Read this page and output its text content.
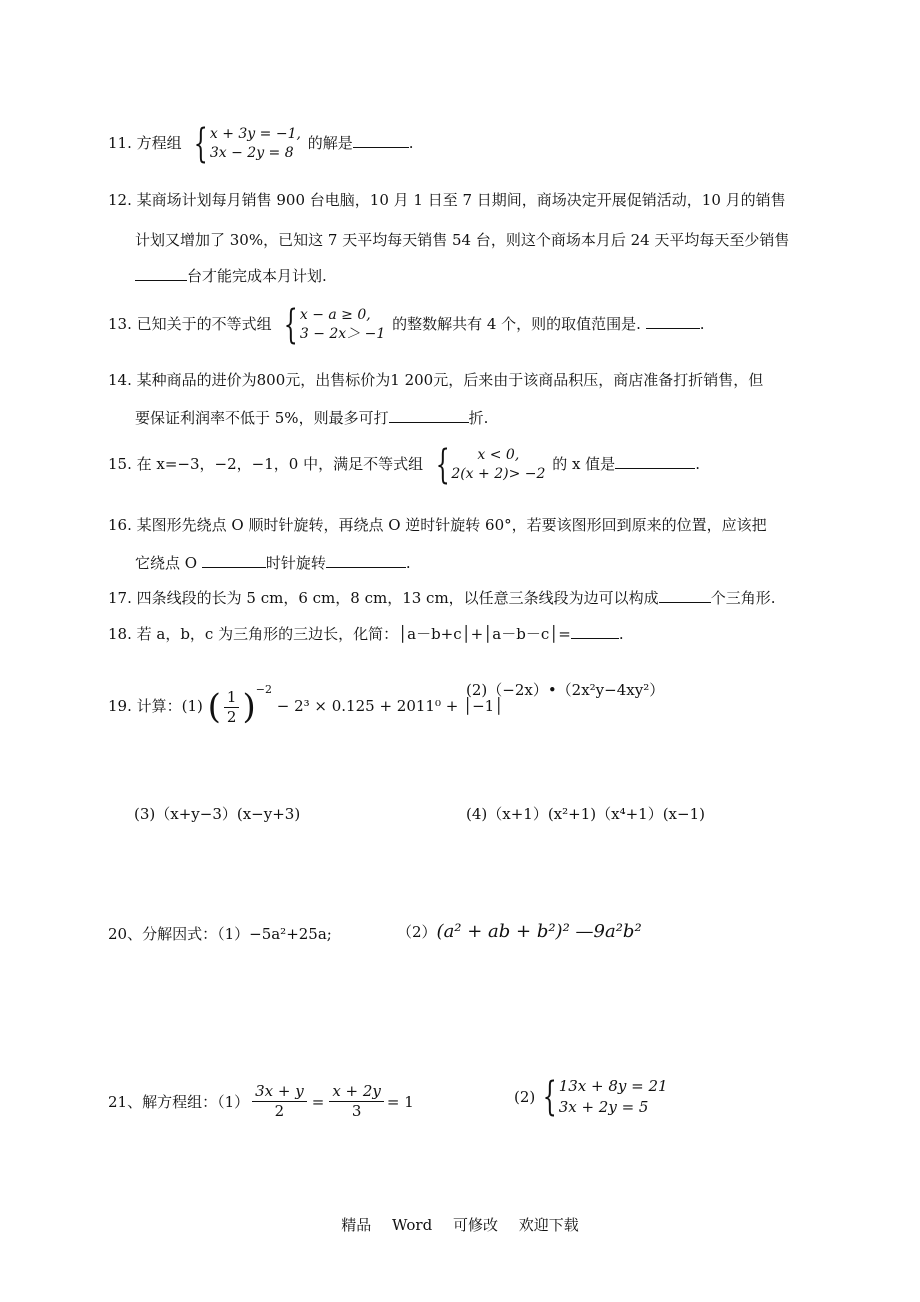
11. 方程组 { x + 3y = −1,
3x − 2y = 8
的解是	.
12. 某商场计划每月销售 900 台电脑，10 月 1 日至 7 日期间，商场决定开展促销活动，10 月的销售
计划又增加了 30%，已知这 7 天平均每天销售 54 台，则这个商场本月后 24 天平均每天至少销售
台才能完成本月计划.
13. 已知关于的不等式组 { x − a ≥ 0,
3 − 2x＞ −1
的整数解共有 4 个，则的取值范围是.	.
14. 某种商品的进价为800元，出售标价为1 200元，后来由于该商品积压，商店准备打折销售，但
要保证利润率不低于 5%，则最多可打	折.
15. 在 x=−3，−2，−1，0 中，满足不等式组 { x < 0,
2(x + 2)> −2
的 x 值是	.
16. 某图形先绕点 O 顺时针旋转，再绕点 O 逆时针旋转 60°，若要该图形回到原来的位置，应该把
它绕点 O	时针旋转	.
17. 四条线段的长为 5 cm，6 cm，8 cm，13 cm，以任意三条线段为边可以构成	个三角形.
18. 若 a，b，c 为三角形的三边长，化简：│a－b+c│+│a－b－c│=	.
19. 计算：(1) ( $\frac{1}{2} )^{-2} - 2^3 \times 0.125 + 2011^0$ + │−1│
(2)（−2x）•（2x²y−4xy²）
(3)（x+y−3）(x−y+3)	(4)（x+1）(x²+1)（x⁴+1）(x−1)
20、分解因式：（1）−5a²+25a;	（2）(a² + ab + b²)² —9a²b²
21、解方程组：$(1) \frac{3x + y}{2} = \frac{x + 2y}{3} = 1$	(2) { 13x + 8y = 21
3x + 2y = 5
精品 Word 可修改 欢迎下载
